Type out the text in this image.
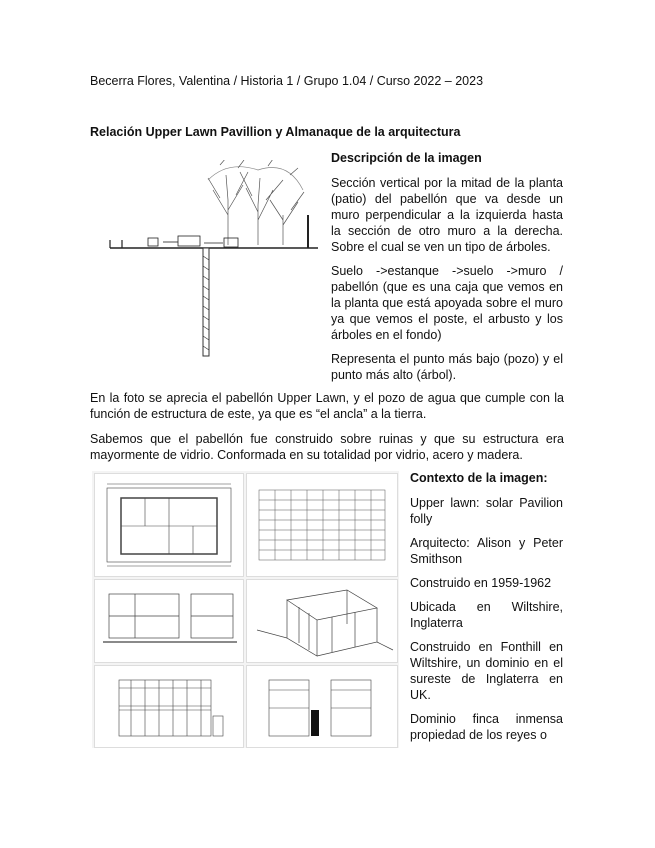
Becerra Flores, Valentina / Historia 1 / Grupo 1.04 / Curso 2022 – 2023
Relación Upper Lawn Pavillion y Almanaque de la arquitectura
Descripción de la imagen

Sección vertical por la mitad de la planta (patio) del pabellón que va desde un muro perpendicular a la izquierda hasta la sección de otro muro a la derecha. Sobre el cual se ven un tipo de árboles.

Suelo ->estanque ->suelo ->muro / pabellón (que es una caja que vemos en la planta que está apoyada sobre el muro ya que vemos el poste, el arbusto y los árboles en el fondo)

Representa el punto más bajo (pozo) y el punto más alto (árbol).

En la foto se aprecia el pabellón Upper Lawn, y el pozo de agua que cumple con la función de estructura de este, ya que es “el ancla” a la tierra.
Sabemos que el pabellón fue construido sobre ruinas y que su estructura era mayormente de vidrio. Conformada en su totalidad por vidrio, acero y madera.
Contexto de la imagen:

Upper lawn: solar Pavilion folly

Arquitecto: Alison y Peter Smithson

Construido en 1959-1962

Ubicada en Wiltshire, Inglaterra

Construido en Fonthill en Wiltshire, un dominio en el sureste de Inglaterra en UK.

Dominio finca inmensa propiedad de los reyes o
